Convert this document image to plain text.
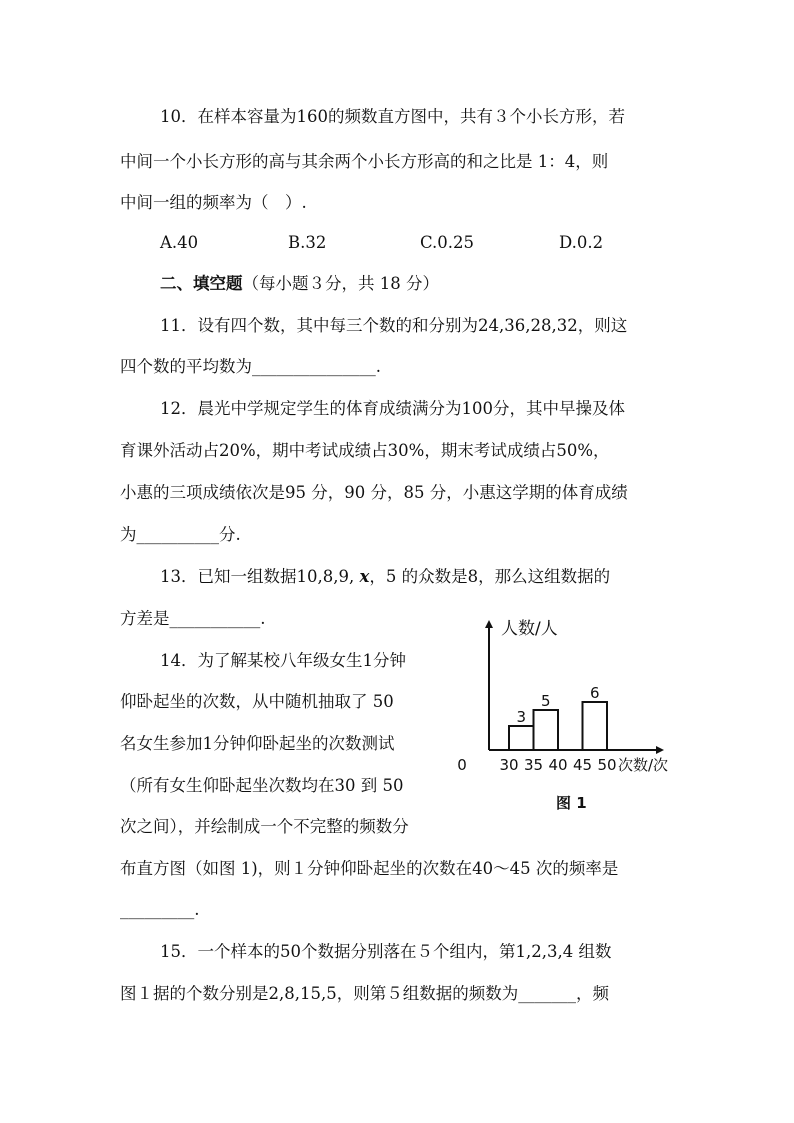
10．在样本容量为160的频数直方图中，共有３个小长方形，若
中间一个小长方形的高与其余两个小长方形高的和之比是 1：4，则
中间一组的频率为（　）.
A.40	B.32	C.0.25	D.0.2
二、填空题（每小题３分，共 18 分）
11．设有四个数，其中每三个数的和分别为24,36,28,32，则这
四个数的平均数为_______________.
12．晨光中学规定学生的体育成绩满分为100分，其中早操及体
育课外活动占20%，期中考试成绩占30%，期末考试成绩占50%，
小惠的三项成绩依次是95 分，90 分，85 分，小惠这学期的体育成绩
为__________分.
13．已知一组数据10,8,9, x，5 的众数是8，那么这组数据的
方差是___________.
14．为了解某校八年级女生1分钟
仰卧起坐的次数，从中随机抽取了 50
名女生参加1分钟仰卧起坐的次数测试
（所有女生仰卧起坐次数均在30 到 50
次之间），并绘制成一个不完整的频数分
布直方图（如图 1)，则１分钟仰卧起坐的次数在40～45 次的频率是
_________.
15．一个样本的50个数据分别落在５个组内，第1,2,3,4 组数
图１据的个数分别是2,8,15,5，则第５组数据的频数为_______，频
人数/人
次数/次
3
5	6
0 30 35 40 45 50
图 1
